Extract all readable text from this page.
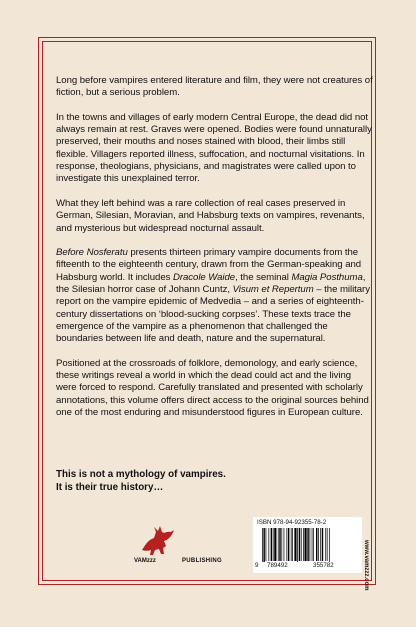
Long before vampires entered literature and film, they were not creatures of fiction, but a serious problem.

In the towns and villages of early modern Central Europe, the dead did not always remain at rest. Graves were opened. Bodies were found unnaturally preserved, their mouths and noses stained with blood, their limbs still flexible. Villagers reported illness, suffocation, and nocturnal visitations. In response, theologians, physicians, and magistrates were called upon to investigate this unexplained terror.

What they left behind was a rare collection of real cases preserved in German, Silesian, Moravian, and Habsburg texts on vampires, revenants, and mysterious but widespread nocturnal assault.

Before Nosferatu presents thirteen primary vampire documents from the fifteenth to the eighteenth century, drawn from the German-speaking and Habsburg world. It includes Dracole Waide, the seminal Magia Posthuma, the Silesian horror case of Johann Cuntz, Visum et Repertum – the military report on the vampire epidemic of Medvedia – and a series of eighteenth-century dissertations on ‘blood-sucking corpses’. These texts trace the emergence of the vampire as a phenomenon that challenged the boundaries between life and death, nature and the supernatural.

Positioned at the crossroads of folklore, demonology, and early science, these writings reveal a world in which the dead could act and the living were forced to respond. Carefully translated and presented with scholarly annotations, this volume offers direct access to the original sources behind one of the most enduring and misunderstood figures in European culture.

This is not a mythology of vampires.
It is their true history…
VAMzzz	PUBLISHING
ISBN 978-94-92355-78-2
9 789492	355782	www.vamzzz.com
